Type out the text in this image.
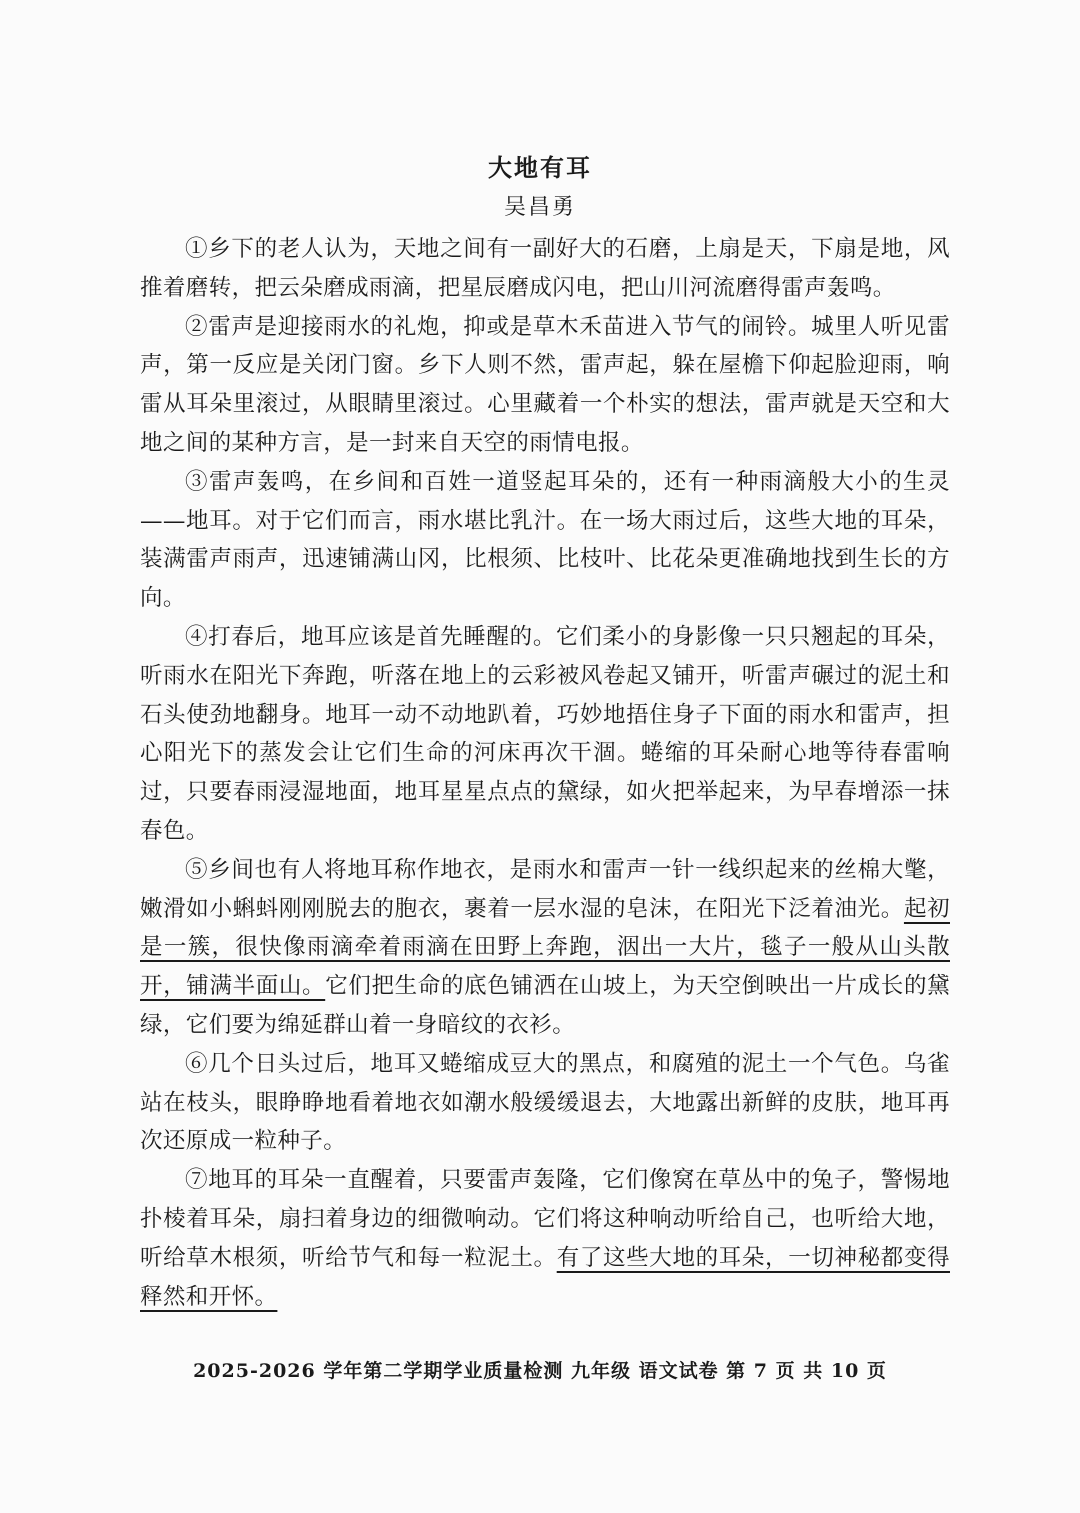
大地有耳
吴昌勇

①乡下的老人认为，天地之间有一副好大的石磨，上扇是天，下扇是地，风推着磨转，把云朵磨成雨滴，把星辰磨成闪电，把山川河流磨得雷声轰鸣。

②雷声是迎接雨水的礼炮，抑或是草木禾苗进入节气的闹铃。城里人听见雷声，第一反应是关闭门窗。乡下人则不然，雷声起，躲在屋檐下仰起脸迎雨，响雷从耳朵里滚过，从眼睛里滚过。心里藏着一个朴实的想法，雷声就是天空和大地之间的某种方言，是一封来自天空的雨情电报。

③雷声轰鸣，在乡间和百姓一道竖起耳朵的，还有一种雨滴般大小的生灵——地耳。对于它们而言，雨水堪比乳汁。在一场大雨过后，这些大地的耳朵，装满雷声雨声，迅速铺满山冈，比根须、比枝叶、比花朵更准确地找到生长的方向。

④打春后，地耳应该是首先睡醒的。它们柔小的身影像一只只翘起的耳朵，听雨水在阳光下奔跑，听落在地上的云彩被风卷起又铺开，听雷声碾过的泥土和石头使劲地翻身。地耳一动不动地趴着，巧妙地捂住身子下面的雨水和雷声，担心阳光下的蒸发会让它们生命的河床再次干涸。蜷缩的耳朵耐心地等待春雷响过，只要春雨浸湿地面，地耳星星点点的黛绿，如火把举起来，为早春增添一抹春色。

⑤乡间也有人将地耳称作地衣，是雨水和雷声一针一线织起来的丝棉大氅，嫩滑如小蝌蚪刚刚脱去的胞衣，裹着一层水湿的皂沫，在阳光下泛着油光。起初是一簇，很快像雨滴牵着雨滴在田野上奔跑，洇出一大片，毯子一般从山头散开，铺满半面山。它们把生命的底色铺洒在山坡上，为天空倒映出一片成长的黛绿，它们要为绵延群山着一身暗纹的衣衫。

⑥几个日头过后，地耳又蜷缩成豆大的黑点，和腐殖的泥土一个气色。乌雀站在枝头，眼睁睁地看着地衣如潮水般缓缓退去，大地露出新鲜的皮肤，地耳再次还原成一粒种子。

⑦地耳的耳朵一直醒着，只要雷声轰隆，它们像窝在草丛中的兔子，警惕地扑棱着耳朵，扇扫着身边的细微响动。它们将这种响动听给自己，也听给大地，听给草木根须，听给节气和每一粒泥土。有了这些大地的耳朵，一切神秘都变得释然和开怀。

2025-2026 学年第二学期学业质量检测 九年级 语文试卷 第 7 页 共 10 页
